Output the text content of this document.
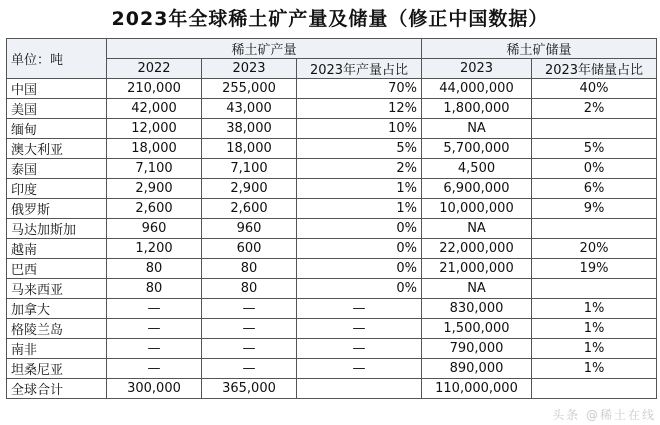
2023年全球稀土矿产量及储量（修正中国数据）
单位：吨	稀土矿产量			稀土矿储量	
	2022	2023	2023年产量占比	2023	2023年储量占比
中国	210,000	255,000	70%	44,000,000	40%
美国	42,000	43,000	12%	1,800,000	2%
缅甸	12,000	38,000	10%	NA	
澳大利亚	18,000	18,000	5%	5,700,000	5%
泰国	7,100	7,100	2%	4,500	0%
印度	2,900	2,900	1%	6,900,000	6%
俄罗斯	2,600	2,600	1%	10,000,000	9%
马达加斯加	960	960	0%	NA	
越南	1,200	600	0%	22,000,000	20%
巴西	80	80	0%	21,000,000	19%
马来西亚	80	80	0%	NA	
加拿大	—	—	—	830,000	1%
格陵兰岛	—	—	—	1,500,000	1%
南非	—	—	—	790,000	1%
坦桑尼亚	—	—	—	890,000	1%
全球合计	300,000	365,000		110,000,000	
头条 @稀土在线
